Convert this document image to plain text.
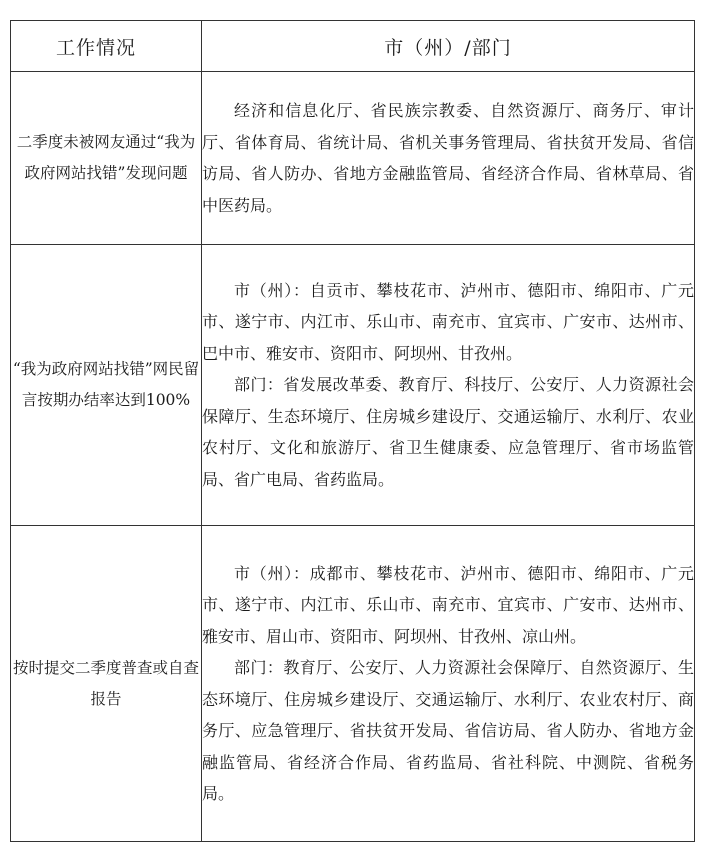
工作情况	市（州）/部门
二季度未被网友通过“我为政府网站找错”发现问题	经济和信息化厅、省民族宗教委、自然资源厅、商务厅、审计厅、省体育局、省统计局、省机关事务管理局、省扶贫开发局、省信访局、省人防办、省地方金融监管局、省经济合作局、省林草局、省中医药局。

“我为政府网站找错”网民留言按期办结率达到100%	市（州）：自贡市、攀枝花市、泸州市、德阳市、绵阳市、广元市、遂宁市、内江市、乐山市、南充市、宜宾市、广安市、达州市、巴中市、雅安市、资阳市、阿坝州、甘孜州。

部门：省发展改革委、教育厅、科技厅、公安厅、人力资源社会保障厅、生态环境厅、住房城乡建设厅、交通运输厅、水利厅、农业农村厅、文化和旅游厅、省卫生健康委、应急管理厅、省市场监管局、省广电局、省药监局。

按时提交二季度普查或自查报告	市（州）：成都市、攀枝花市、泸州市、德阳市、绵阳市、广元市、遂宁市、内江市、乐山市、南充市、宜宾市、广安市、达州市、雅安市、眉山市、资阳市、阿坝州、甘孜州、凉山州。

部门：教育厅、公安厅、人力资源社会保障厅、自然资源厅、生态环境厅、住房城乡建设厅、交通运输厅、水利厅、农业农村厅、商务厅、应急管理厅、省扶贫开发局、省信访局、省人防办、省地方金融监管局、省经济合作局、省药监局、省社科院、中测院、省税务局。
